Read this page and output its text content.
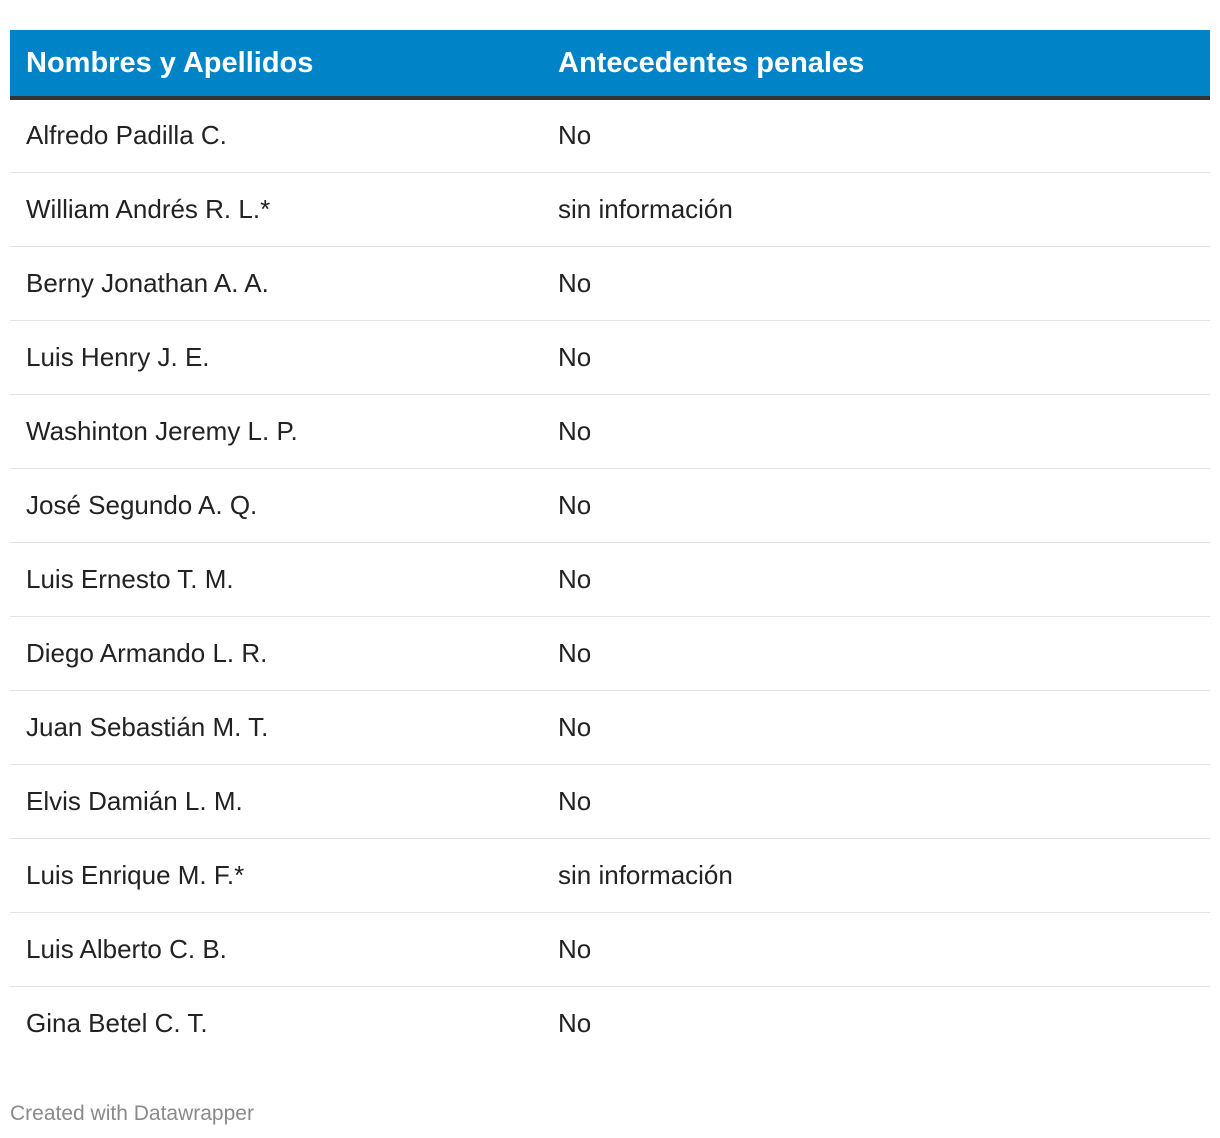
Nombres y Apellidos	Antecedentes penales
Alfredo Padilla C.	No
William Andrés R. L.*	sin información
Berny Jonathan A. A.	No
Luis Henry J. E.	No
Washinton Jeremy L. P.	No
José Segundo A. Q.	No
Luis Ernesto T. M.	No
Diego Armando L. R.	No
Juan Sebastián M. T.	No
Elvis Damián L. M.	No
Luis Enrique M. F.*	sin información
Luis Alberto C. B.	No
Gina Betel C. T.	No
Created with Datawrapper
